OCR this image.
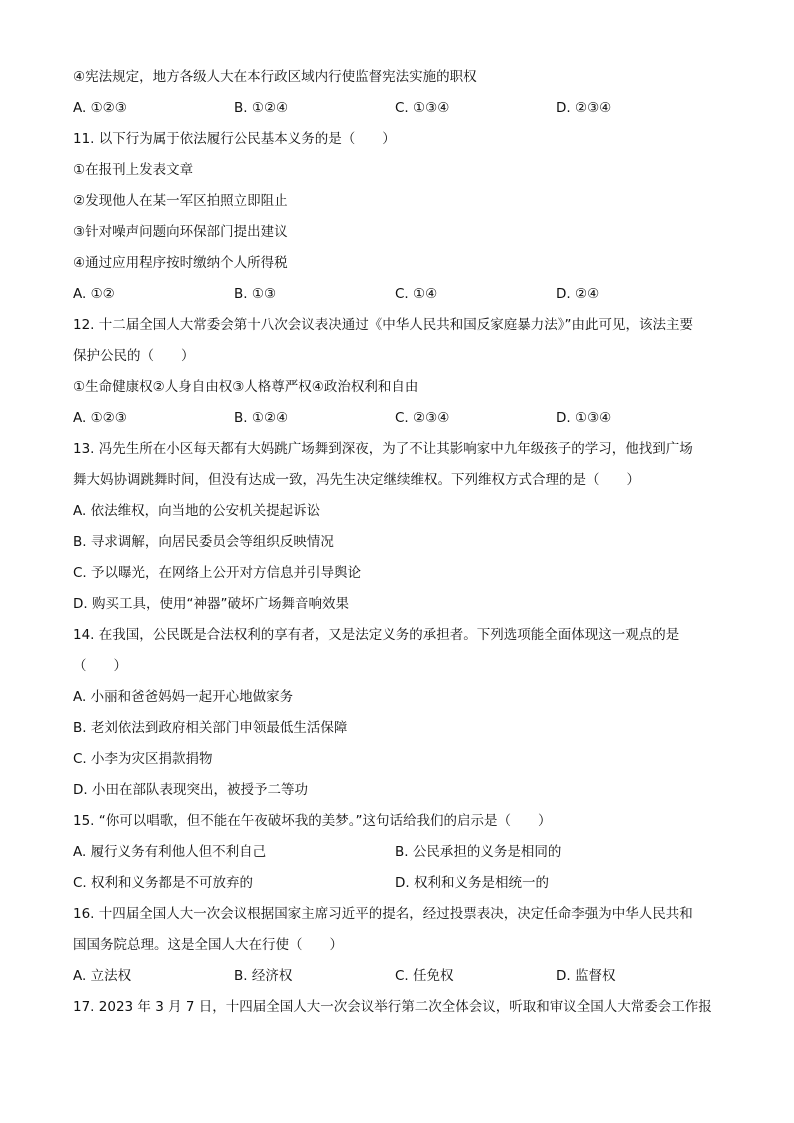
④宪法规定，地方各级人大在本行政区域内行使监督宪法实施的职权
A. ①②③	B. ①②④	C. ①③④	D. ②③④
11. 以下行为属于依法履行公民基本义务的是（　　）
①在报刊上发表文章
②发现他人在某一军区拍照立即阻止
③针对噪声问题向环保部门提出建议
④通过应用程序按时缴纳个人所得税
A. ①②	B. ①③	C. ①④	D. ②④
12. 十二届全国人大常委会第十八次会议表决通过《中华人民共和国反家庭暴力法》”由此可见，该法主要
保护公民的（　　）
①生命健康权②人身自由权③人格尊严权④政治权利和自由
A. ①②③	B. ①②④	C. ②③④	D. ①③④
13. 冯先生所在小区每天都有大妈跳广场舞到深夜，为了不让其影响家中九年级孩子的学习，他找到广场
舞大妈协调跳舞时间，但没有达成一致，冯先生决定继续维权。下列维权方式合理的是（　　）
A. 依法维权，向当地的公安机关提起诉讼
B. 寻求调解，向居民委员会等组织反映情况
C. 予以曝光，在网络上公开对方信息并引导舆论
D. 购买工具，使用“神器”破坏广场舞音响效果
14. 在我国，公民既是合法权利的享有者，又是法定义务的承担者。下列选项能全面体现这一观点的是
（　　）
A. 小丽和爸爸妈妈一起开心地做家务
B. 老刘依法到政府相关部门申领最低生活保障
C. 小李为灾区捐款捐物
D. 小田在部队表现突出，被授予二等功
15. “你可以唱歌，但不能在午夜破坏我的美梦。”这句话给我们的启示是（　　）
A. 履行义务有利他人但不利自己	B. 公民承担的义务是相同的
C. 权利和义务都是不可放弃的	D. 权利和义务是相统一的
16. 十四届全国人大一次会议根据国家主席习近平的提名，经过投票表决，决定任命李强为中华人民共和
国国务院总理。这是全国人大在行使（　　）
A. 立法权	B. 经济权	C. 任免权	D. 监督权
17. 2023 年 3 月 7 日，十四届全国人大一次会议举行第二次全体会议，听取和审议全国人大常委会工作报
